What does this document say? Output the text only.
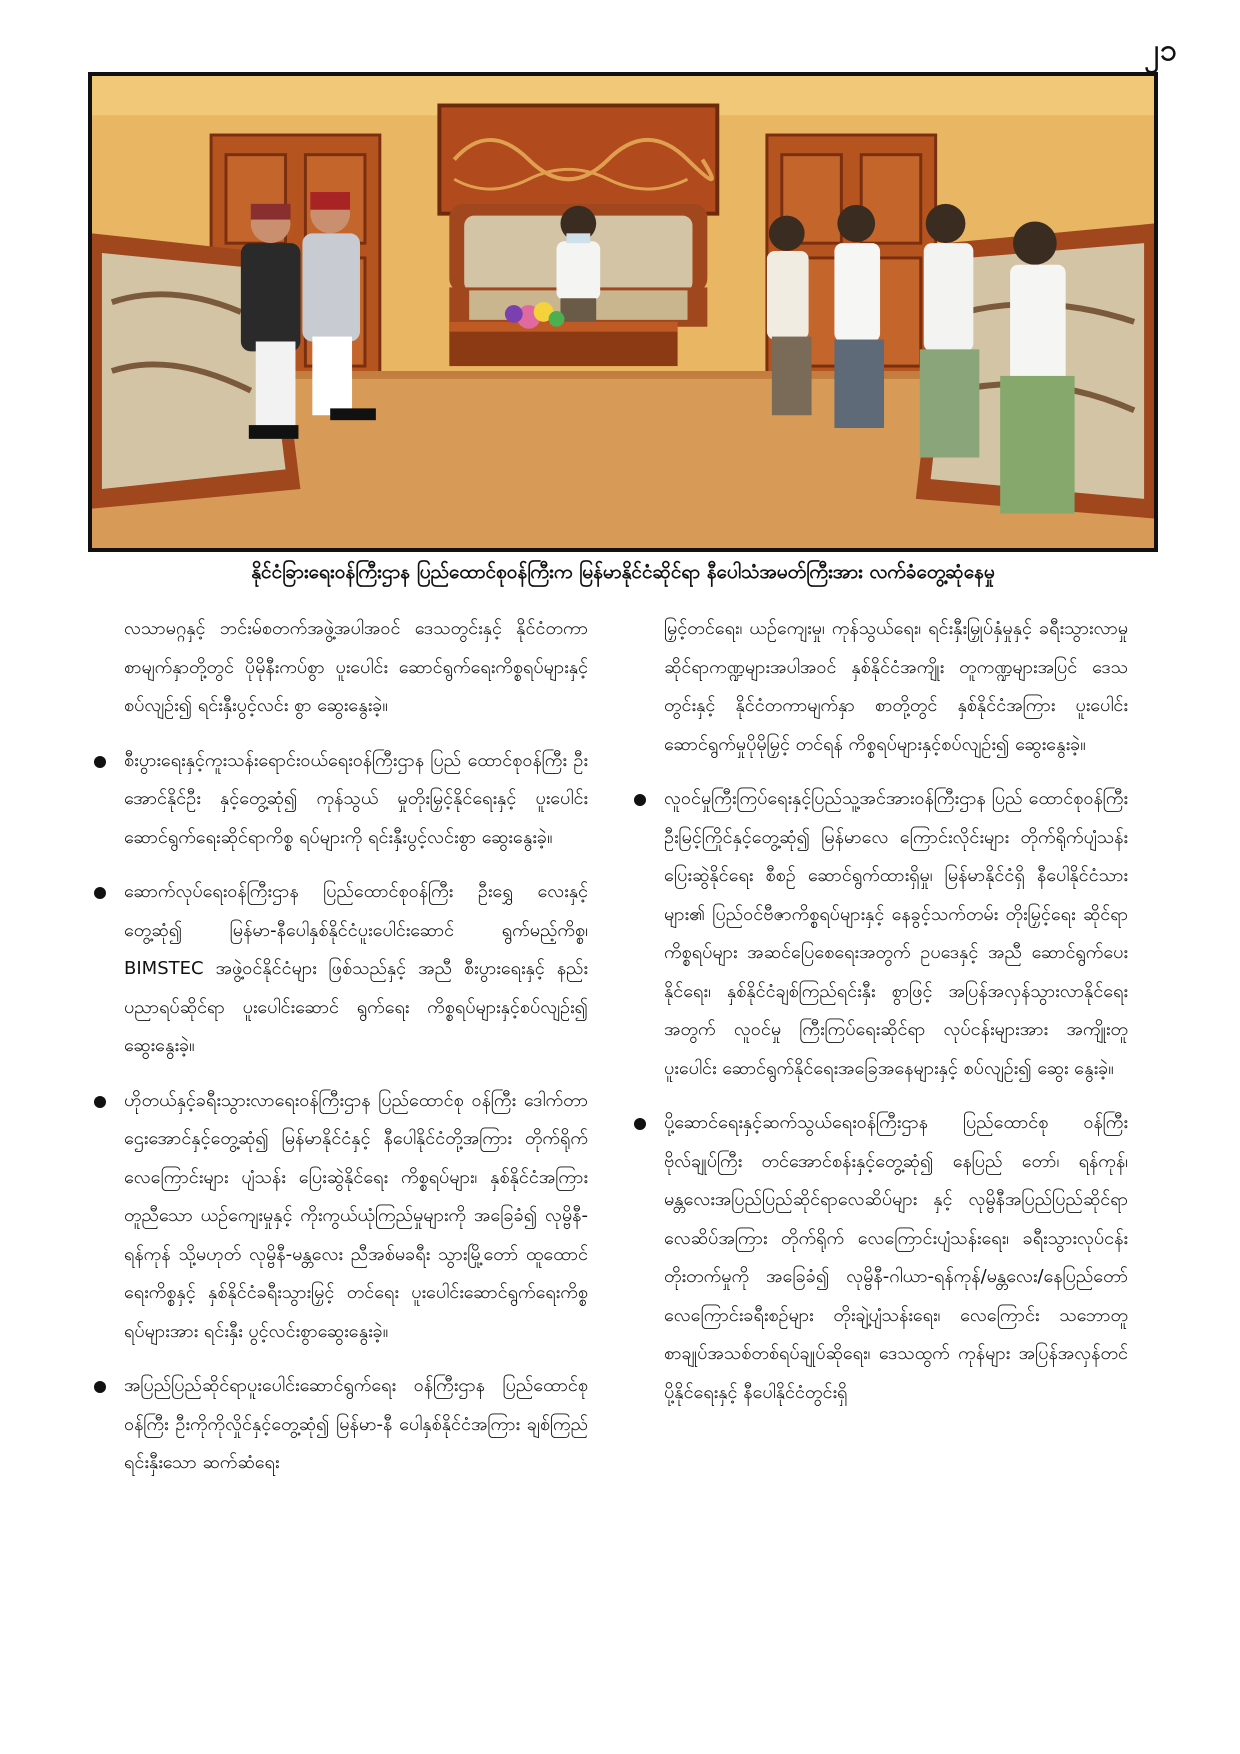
၂၁
နိုင်ငံခြားရေးဝန်ကြီးဌာန ပြည်ထောင်စုဝန်ကြီးက မြန်မာနိုင်ငံဆိုင်ရာ နီပေါသံအမတ်ကြီးအား လက်ခံတွေ့ဆုံနေမှု

လသာမဂ္ဂနှင့် ဘင်းမ်စတက်အဖွဲ့အပါအဝင် ဒေသတွင်းနှင့် နိုင်ငံတကာစာမျက်နှာတို့တွင် ပိုမိုနီးကပ်စွာ ပူးပေါင်း ဆောင်ရွက်ရေးကိစ္စရပ်များနှင့်စပ်လျဉ်း၍ ရင်းနှီးပွင့်လင်း စွာ ဆွေးနွေးခဲ့။

စီးပွားရေးနှင့်ကူးသန်းရောင်းဝယ်ရေးဝန်ကြီးဌာန ပြည် ထောင်စုဝန်ကြီး ဦးအောင်နိုင်ဦး နှင့်တွေ့ဆုံ၍ ကုန်သွယ် မှုတိုးမြှင့်နိုင်ရေးနှင့် ပူးပေါင်းဆောင်ရွက်ရေးဆိုင်ရာကိစ္စ ရပ်များကို ရင်းနှီးပွင့်လင်းစွာ ဆွေးနွေးခဲ့။

ဆောက်လုပ်ရေးဝန်ကြီးဌာန ပြည်ထောင်စုဝန်ကြီး ဦးရွှေ လေးနှင့် တွေ့ဆုံ၍ မြန်မာ-နီပေါနှစ်နိုင်ငံပူးပေါင်းဆောင် ရွက်မည့်ကိစ္စ၊ BIMSTEC အဖွဲ့ဝင်နိုင်ငံများ ဖြစ်သည်နှင့် အညီ စီးပွားရေးနှင့် နည်းပညာရပ်ဆိုင်ရာ ပူးပေါင်းဆောင် ရွက်ရေး ကိစ္စရပ်များနှင့်စပ်လျဉ်း၍ ဆွေးနွေးခဲ့။

ဟိုတယ်နှင့်ခရီးသွားလာရေးဝန်ကြီးဌာန ပြည်ထောင်စု ဝန်ကြီး ဒေါက်တာဌေးအောင်နှင့်တွေ့ဆုံ၍ မြန်မာနိုင်ငံနှင့် နီပေါနိုင်ငံတို့အကြား တိုက်ရိုက်လေကြောင်းများ ပျံသန်း ပြေးဆွဲနိုင်ရေး ကိစ္စရပ်များ၊ နှစ်နိုင်ငံအကြား တူညီသော ယဉ်ကျေးမှုနှင့် ကိုးကွယ်ယုံကြည်မှုများကို အခြေခံ၍ လုမ္ဗိနီ-ရန်ကုန် သို့မဟုတ် လုမ္ဗိနီ-မန္တလေး ညီအစ်မခရီး သွားမြို့တော် ထူထောင်ရေးကိစ္စနှင့် နှစ်နိုင်ငံခရီးသွားမြှင့် တင်ရေး ပူးပေါင်းဆောင်ရွက်ရေးကိစ္စရပ်များအား ရင်းနှီး ပွင့်လင်းစွာဆွေးနွေးခဲ့။

အပြည်ပြည်ဆိုင်ရာပူးပေါင်းဆောင်ရွက်ရေး ဝန်ကြီးဌာန ပြည်ထောင်စုဝန်ကြီး ဦးကိုကိုလှိုင်နှင့်တွေ့ဆုံ၍ မြန်မာ-နီ ပေါနှစ်နိုင်ငံအကြား ချစ်ကြည်ရင်းနှီးသော ဆက်ဆံရေး

မြှင့်တင်ရေး၊ ယဉ်ကျေးမှု၊ ကုန်သွယ်ရေး၊ ရင်းနှီးမြှုပ်နှံမှုနှင့် ခရီးသွားလာမှုဆိုင်ရာကဏ္ဍများအပါအဝင် နှစ်နိုင်ငံအကျိုး တူကဏ္ဍများအပြင် ဒေသတွင်းနှင့် နိုင်ငံတကာမျက်နှာ စာတို့တွင် နှစ်နိုင်ငံအကြား ပူးပေါင်းဆောင်ရွက်မှုပိုမိုမြှင့် တင်ရန် ကိစ္စရပ်များနှင့်စပ်လျဉ်း၍ ဆွေးနွေးခဲ့။

လူဝင်မှုကြီးကြပ်ရေးနှင့်ပြည်သူ့အင်အားဝန်ကြီးဌာန ပြည် ထောင်စုဝန်ကြီး ဦးမြင့်ကြိုင်နှင့်တွေ့ဆုံ၍ မြန်မာလေ ကြောင်းလိုင်းများ တိုက်ရိုက်ပျံသန်းပြေးဆွဲနိုင်ရေး စီစဉ် ဆောင်ရွက်ထားရှိမှု၊ မြန်မာနိုင်ငံရှိ နီပေါနိုင်ငံသားများ၏ ပြည်ဝင်ဗီဇာကိစ္စရပ်များနှင့် နေခွင့်သက်တမ်း တိုးမြှင့်ရေး ဆိုင်ရာကိစ္စရပ်များ အဆင်ပြေစေရေးအတွက် ဥပဒေနှင့် အညီ ဆောင်ရွက်ပေးနိုင်ရေး၊ နှစ်နိုင်ငံချစ်ကြည်ရင်းနှီး စွာဖြင့် အပြန်အလှန်သွားလာနိုင်ရေးအတွက် လူဝင်မှု ကြီးကြပ်ရေးဆိုင်ရာ လုပ်ငန်းများအား အကျိုးတူပူးပေါင်း ဆောင်ရွက်နိုင်ရေးအခြေအနေများနှင့် စပ်လျဉ်း၍ ဆွေး နွေးခဲ့။

ပို့ဆောင်ရေးနှင့်ဆက်သွယ်ရေးဝန်ကြီးဌာန ပြည်ထောင်စု ဝန်ကြီး ဗိုလ်ချုပ်ကြီး တင်အောင်စန်းနှင့်တွေ့ဆုံ၍ နေပြည် တော်၊ ရန်ကုန်၊ မန္တလေးအပြည်ပြည်ဆိုင်ရာလေဆိပ်များ နှင့် လုမ္ဗိနီအပြည်ပြည်ဆိုင်ရာလေဆိပ်အကြား တိုက်ရိုက် လေကြောင်းပျံသန်းရေး၊ ခရီးသွားလုပ်ငန်းတိုးတက်မှုကို အခြေခံ၍ လုမ္ဗိနီ-ဂါယာ-ရန်ကုန်/မန္တလေး/နေပြည်တော် လေကြောင်းခရီးစဉ်များ တိုးချဲ့ပျံသန်းရေး၊ လေကြောင်း သဘောတူစာချုပ်အသစ်တစ်ရပ်ချုပ်ဆိုရေး၊ ဒေသထွက် ကုန်များ အပြန်အလှန်တင်ပို့နိုင်ရေးနှင့် နီပေါနိုင်ငံတွင်းရှိ
